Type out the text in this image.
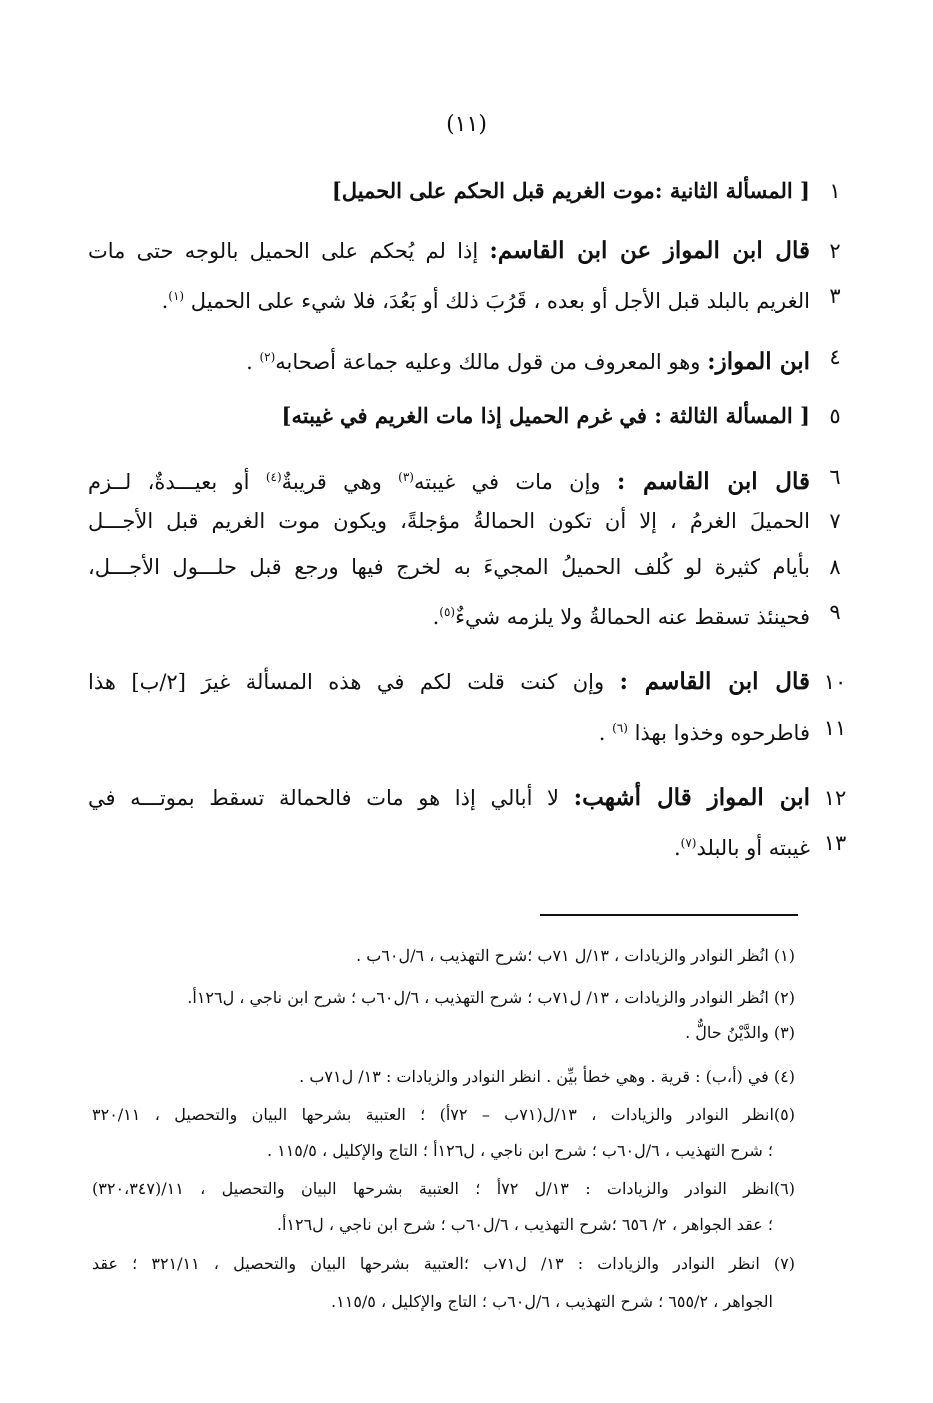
(١١)
١
[ المسألة الثانية :موت الغريم قبل الحكم على الحميل]
٢
قال ابن المواز عن ابن القاسم: إذا لم يُحكم على الحميل بالوجه حتى مات
٣
الغريم بالبلد قبل الأجل أو بعده ، قَرُبَ ذلك أو بَعُدَ، فلا شيء على الحميل $^{(١)}$.
٤
ابن المواز: وهو المعروف من قول مالك وعليه جماعة أصحابه$^{(٢)}$ .
٥
[ المسألة الثالثة : في غرم الحميل إذا مات الغريم في غيبته]
٦
قال ابن القاسم : وإن مات في غيبته$^{(٣)}$ وهي قريبةٌ$^{(٤)}$ أو بعيـــدةٌ، لــزم
٧
الحميلَ الغرمُ ، إلا أن تكون الحمالةُ مؤجلةً، ويكون موت الغريم قبل الأجـــل
٨
بأيام كثيرة لو كُلف الحميلُ المجيءَ به لخرج فيها ورجع قبل حلـــول الأجـــل،
٩
فحينئذ تسقط عنه الحمالةُ ولا يلزمه شيءٌ$^{(٥)}$.
١٠
قال ابن القاسم : وإن كنت قلت لكم في هذه المسألة غيرَ [٢/ب] هذا
١١
فاطرحوه وخذوا بهذا $^{(٦)}$ .
١٢
ابن المواز قال أشهب: لا أبالي إذا هو مات فالحمالة تسقط بموتـــه في
١٣
غيبته أو بالبلد$^{(٧)}$.
(١) انُظر النوادر والزيادات ، ١٣/ل ٧١ب ؛شرح التهذيب ، ٦/ل٦٠ب .
(٢) انُظر النوادر والزيادات ، ١٣/ ل٧١ب ؛ شرح التهذيب ، ٦/ل٦٠ب ؛ شرح ابن ناجي ، ل١٢٦أ.
(٣) والدَّيْنُ حالٌّ .
(٤) في (أ،ب) : قرية . وهي خطأ بيِّن . انظر النوادر والزيادات : ١٣/ ل٧١ب .
(٥)انظر النوادر والزيادات ، ١٣/ل(٧١ب – ٧٢أ) ؛ العتبية بشرحها البيان والتحصيل ، ٣٢٠/١١
؛ شرح التهذيب ، ٦/ل٦٠ب ؛ شرح ابن ناجي ، ل١٢٦أ ؛ التاج والإكليل ، ١١٥/٥ .
(٦)انظر النوادر والزيادات : ١٣/ل ٧٢أ ؛ العتبية بشرحها البيان والتحصيل ، ١١/(٣٢٠،٣٤٧)
؛ عقد الجواهر ، ٢/ ٦٥٦ ؛شرح التهذيب ، ٦/ل٦٠ب ؛ شرح ابن ناجي ، ل١٢٦أ.
(٧) انظر النوادر والزيادات : ١٣/ ل٧١ب ؛العتبية بشرحها البيان والتحصيل ، ٣٢١/١١ ؛ عقد
الجواهر ، ٦٥٥/٢ ؛ شرح التهذيب ، ٦/ل٦٠ب ؛ التاج والإكليل ، ١١٥/٥.
